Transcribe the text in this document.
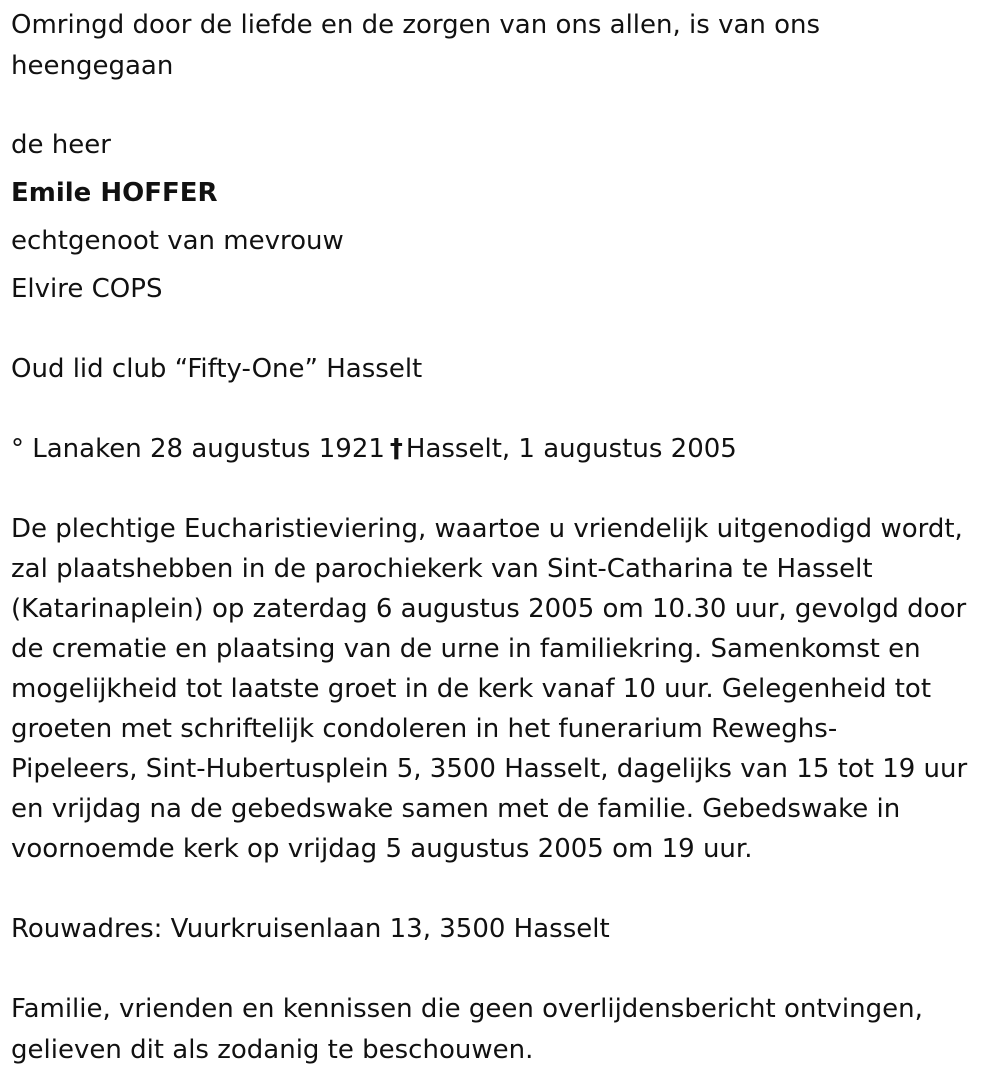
Omringd door de liefde en de zorgen van ons allen, is van ons

heengegaan

de heer

Emile HOFFER

echtgenoot van mevrouw

Elvire COPS

Oud lid club “Fifty-One” Hasselt

° Lanaken 28 augustus 1921 † Hasselt, 1 augustus 2005

De plechtige Eucharistieviering, waartoe u vriendelijk uitgenodigd wordt,
zal plaatshebben in de parochiekerk van Sint-Catharina te Hasselt
(Katarinaplein) op zaterdag 6 augustus 2005 om 10.30 uur, gevolgd door
de crematie en plaatsing van de urne in familiekring. Samenkomst en
mogelijkheid tot laatste groet in de kerk vanaf 10 uur. Gelegenheid tot
groeten met schriftelijk condoleren in het funerarium Reweghs-
Pipeleers, Sint-Hubertusplein 5, 3500 Hasselt, dagelijks van 15 tot 19 uur
en vrijdag na de gebedswake samen met de familie. Gebedswake in
voornoemde kerk op vrijdag 5 augustus 2005 om 19 uur.

Rouwadres: Vuurkruisenlaan 13, 3500 Hasselt

Familie, vrienden en kennissen die geen overlijdensbericht ontvingen,

gelieven dit als zodanig te beschouwen.
